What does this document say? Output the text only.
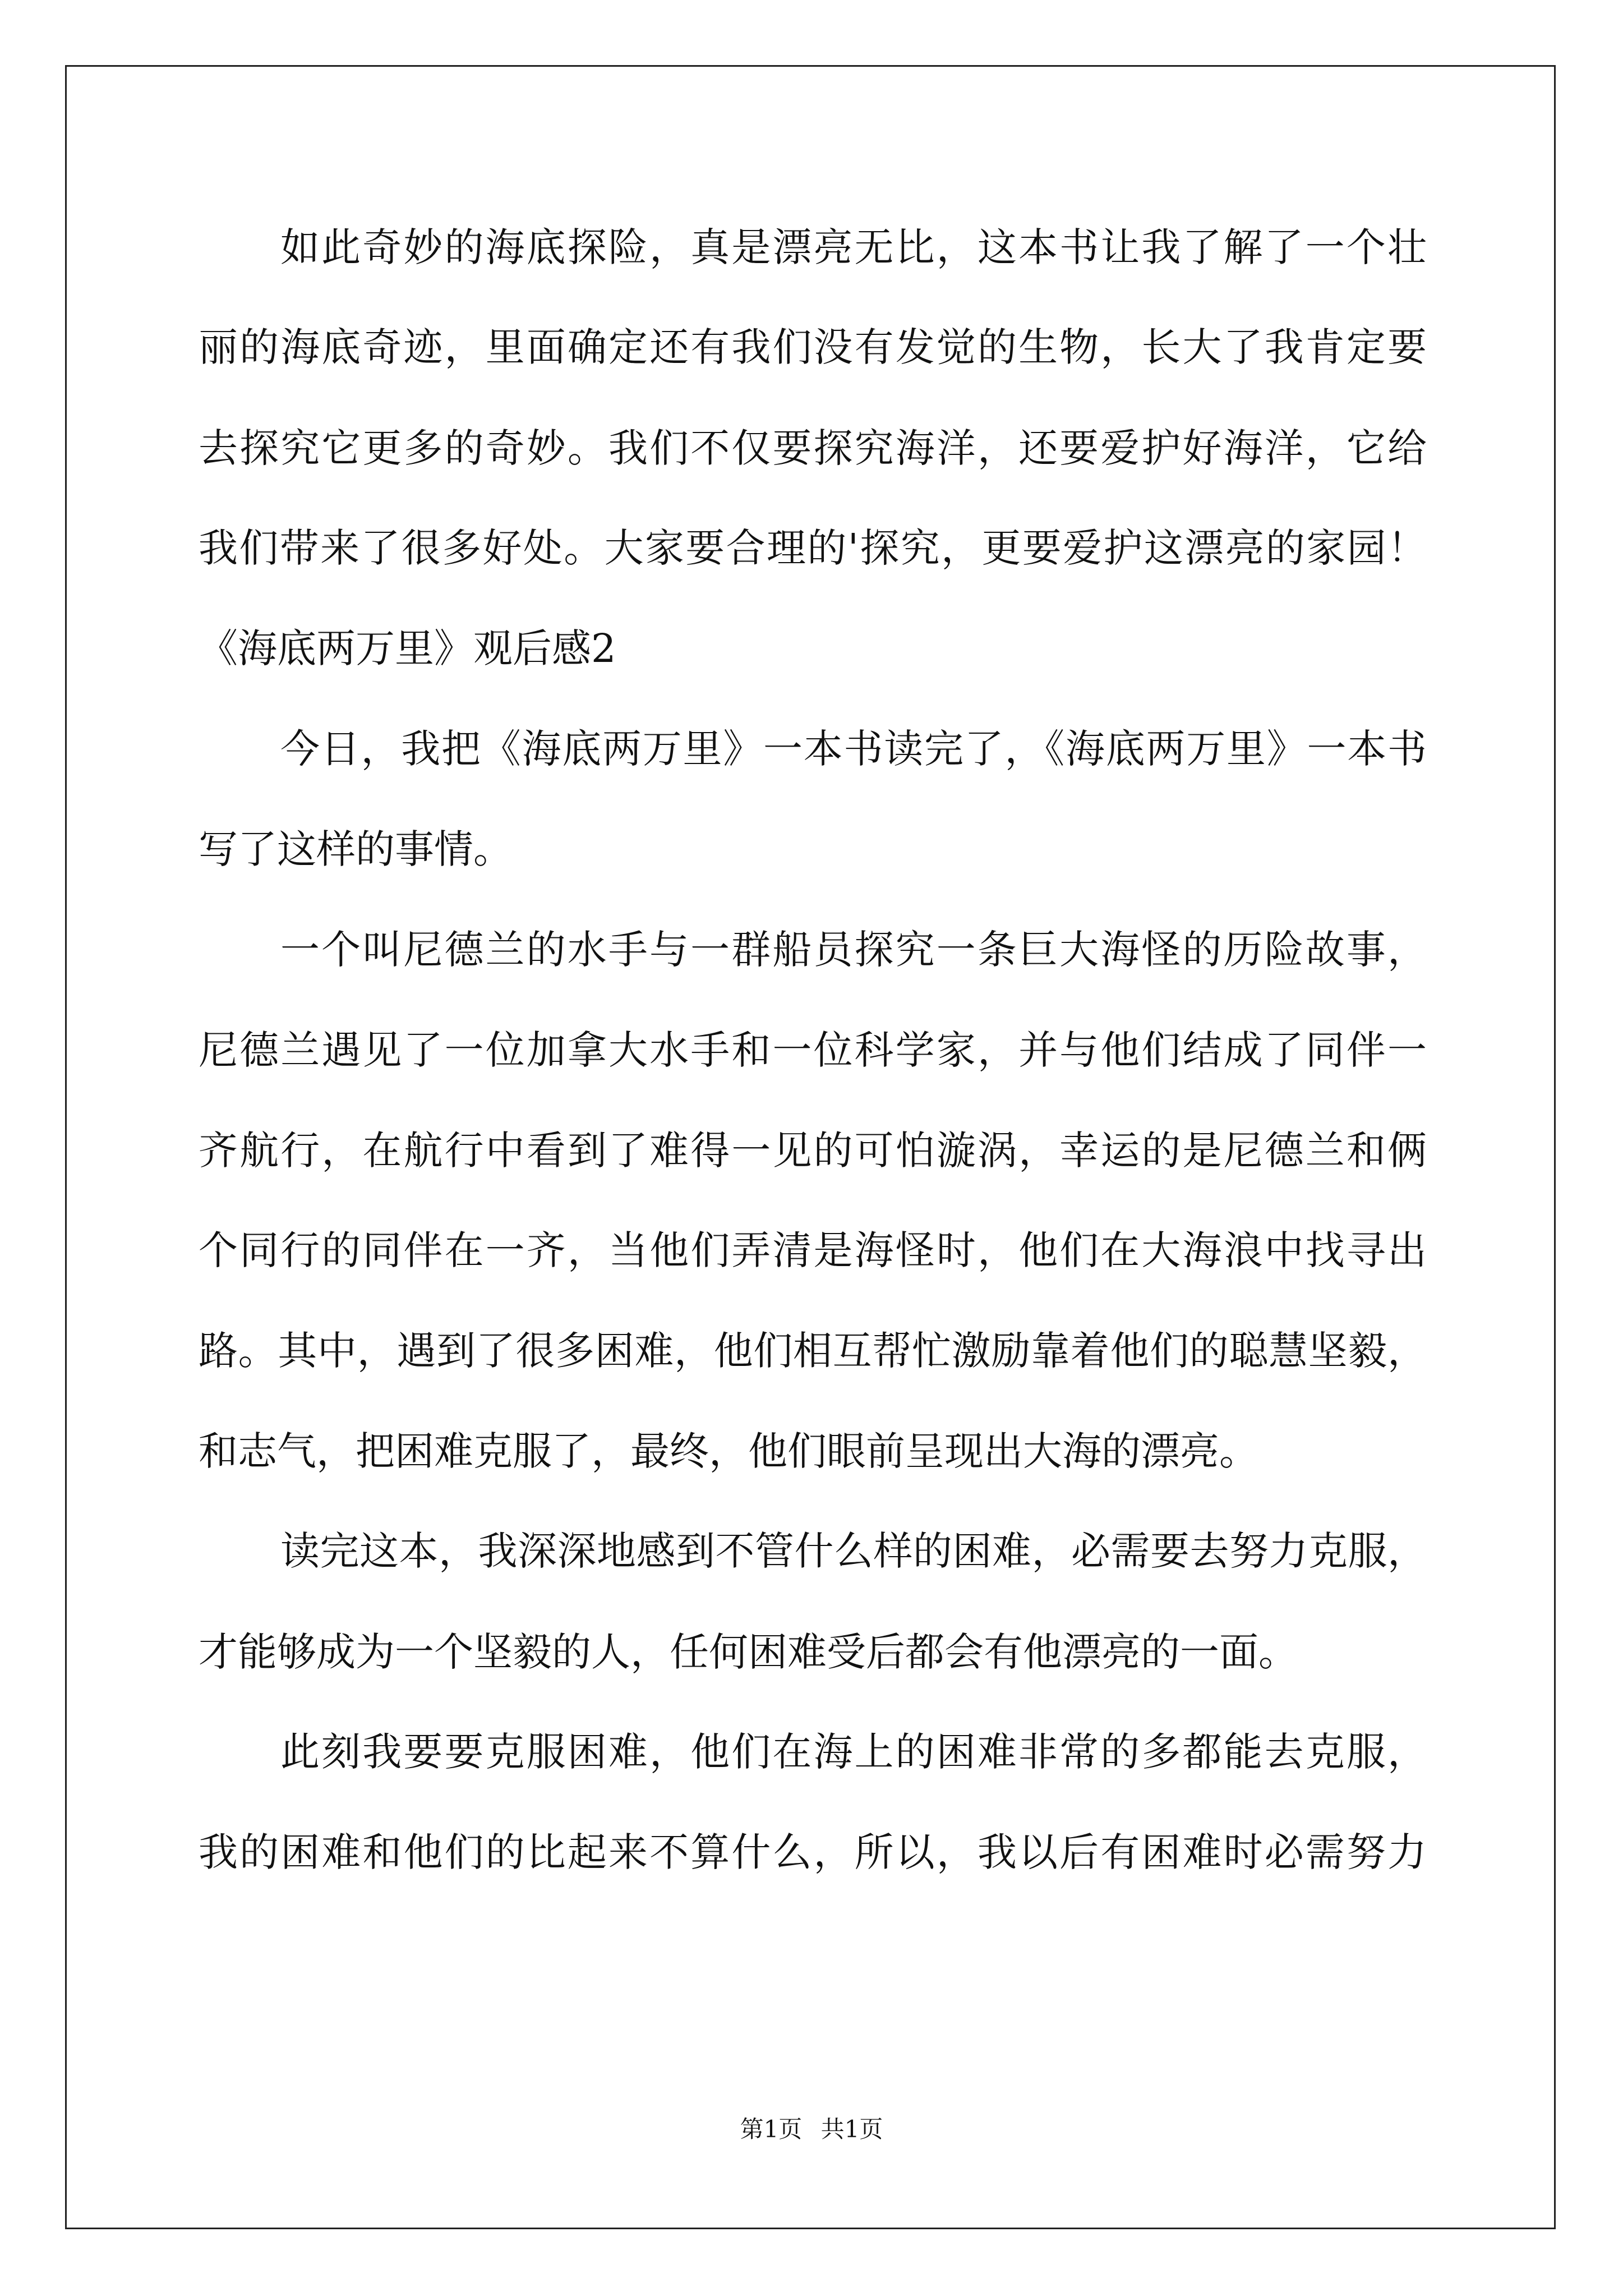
如此奇妙的海底探险，真是漂亮无比，这本书让我了解了一个壮
丽的海底奇迹，里面确定还有我们没有发觉的生物，长大了我肯定要
去探究它更多的奇妙。我们不仅要探究海洋，还要爱护好海洋，它给
我们带来了很多好处。大家要合理的'探究，更要爱护这漂亮的家园！
《海底两万里》观后感2
今日，我把《海底两万里》一本书读完了，《海底两万里》一本书
写了这样的事情。
一个叫尼德兰的水手与一群船员探究一条巨大海怪的历险故事，
尼德兰遇见了一位加拿大水手和一位科学家，并与他们结成了同伴一
齐航行，在航行中看到了难得一见的可怕漩涡，幸运的是尼德兰和俩
个同行的同伴在一齐，当他们弄清是海怪时，他们在大海浪中找寻出
路。其中，遇到了很多困难，他们相互帮忙激励靠着他们的聪慧坚毅，
和志气，把困难克服了，最终，他们眼前呈现出大海的漂亮。
读完这本，我深深地感到不管什么样的困难，必需要去努力克服，
才能够成为一个坚毅的人，任何困难受后都会有他漂亮的一面。
此刻我要要克服困难，他们在海上的困难非常的多都能去克服，
我的困难和他们的比起来不算什么，所以，我以后有困难时必需努力
第1页 共1页
